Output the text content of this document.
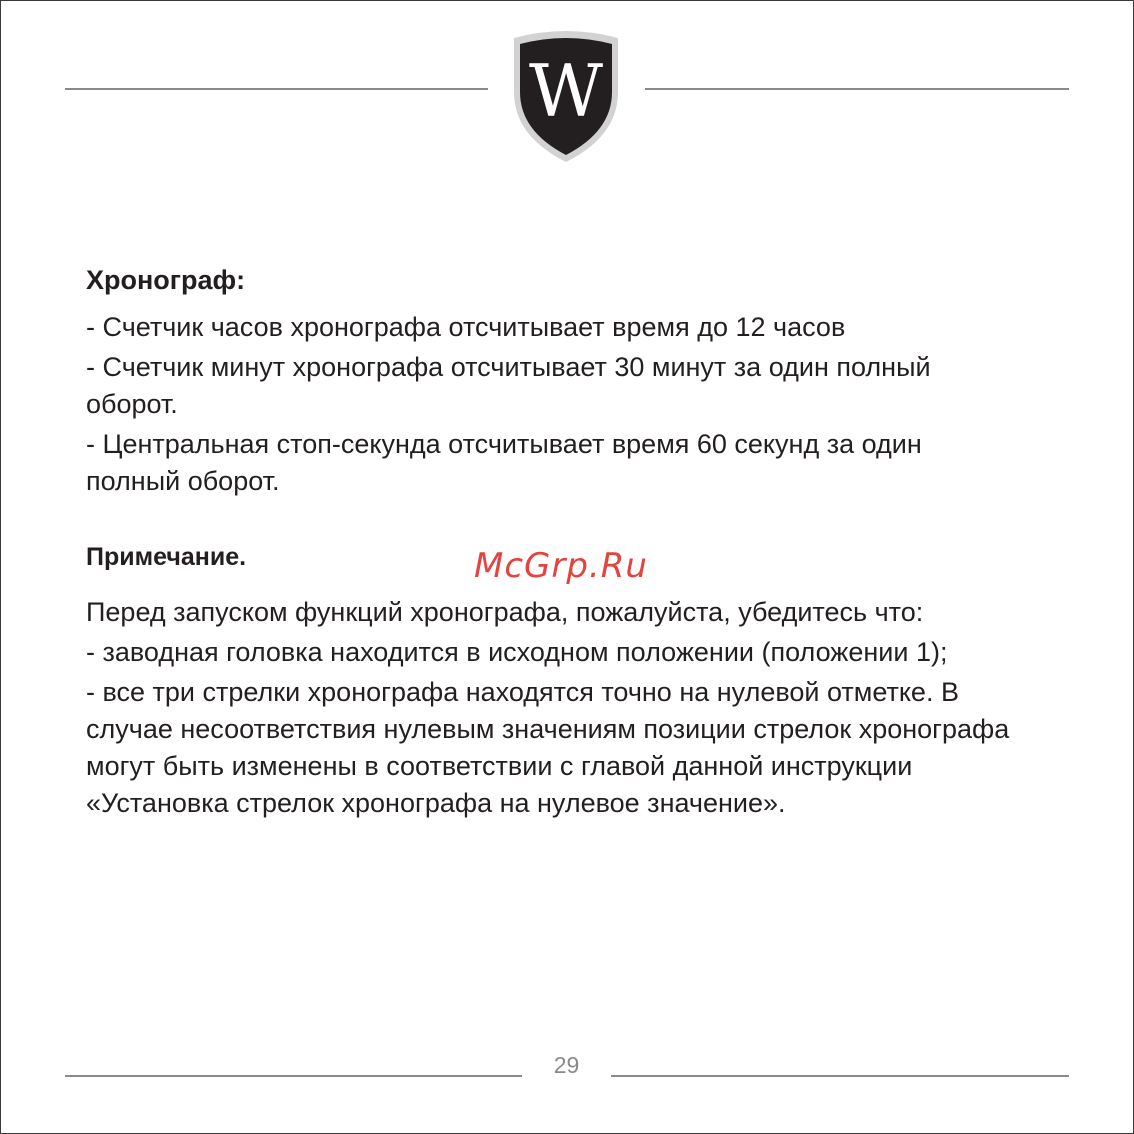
W
Хронограф:
- Счетчик часов хронографа отсчитывает время до 12 часов
- Счетчик минут хронографа отсчитывает 30 минут за один полный оборот.
- Центральная стоп-секунда отсчитывает время 60 секунд за один полный оборот.
Примечание.
Перед запуском функций хронографа, пожалуйста, убедитесь что:
- заводная головка находится в исходном положении (положении 1);
- все три стрелки хронографа находятся точно на нулевой отметке. В случае несоответствия нулевым значениям позиции стрелок хронографа могут быть изменены в соответствии с главой данной инструкции «Установка стрелок хронографа на нулевое значение».
McGrp.Ru
29
